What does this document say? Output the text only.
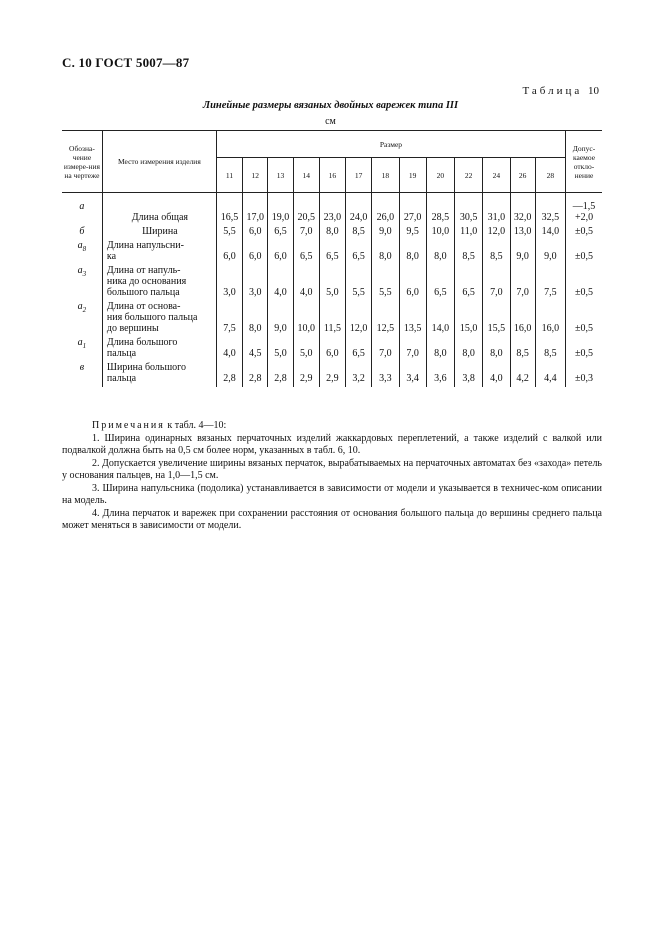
С. 10 ГОСТ 5007—87
Таблица 10
Линейные размеры вязаных двойных варежек типа III
см
Обозна-чение измере-ния на чертеже	Место измерения изделия	Размер													Допус-каемое откло-нение
		11	12	13	14	16	17	18	19	20	22	24	26	28	
а	Длина общая	16,5	17,0	19,0	20,5	23,0	24,0	26,0	27,0	28,5	30,5	31,0	32,0	32,5	—1,5
+2,0

б	Ширина	5,5	6,0	6,5	7,0	8,0	8,5	9,0	9,5	10,0	11,0	12,0	13,0	14,0	±0,5

$а_8$	Длина напульсни-
ка	6,0	6,0	6,0	6,5	6,5	6,5	8,0	8,0	8,0	8,5	8,5	9,0	9,0	±0,5

$а_3$	Длина от напуль-
ника до основания
большого пальца	3,0	3,0	4,0	4,0	5,0	5,5	5,5	6,0	6,5	6,5	7,0	7,0	7,5	±0,5

$а_2$	Длина от основа-
ния большого пальца
до вершины	7,5	8,0	9,0	10,0	11,5	12,0	12,5	13,5	14,0	15,0	15,5	16,0	16,0	±0,5

$а_1$	Длина большого
пальца	4,0	4,5	5,0	5,0	6,0	6,5	7,0	7,0	8,0	8,0	8,0	8,5	8,5	±0,5

в	Ширина большого
пальца	2,8	2,8	2,8	2,9	2,9	3,2	3,3	3,4	3,6	3,8	4,0	4,2	4,4	±0,3

Примечания к табл. 4—10:

1. Ширина одинарных вязаных перчаточных изделий жаккардовых переплетений, а также изделий с валкой или подвалкой должна быть на 0,5 см более норм, указанных в табл. 6, 10.

2. Допускается увеличение ширины вязаных перчаток, вырабатываемых на перчаточных автоматах без «захода» петель у основания пальцев, на 1,0—1,5 см.

3. Ширина напульсника (подолика) устанавливается в зависимости от модели и указывается в техничес-ком описании на модель.

4. Длина перчаток и варежек при сохранении расстояния от основания большого пальца до вершины среднего пальца может меняться в зависимости от модели.
